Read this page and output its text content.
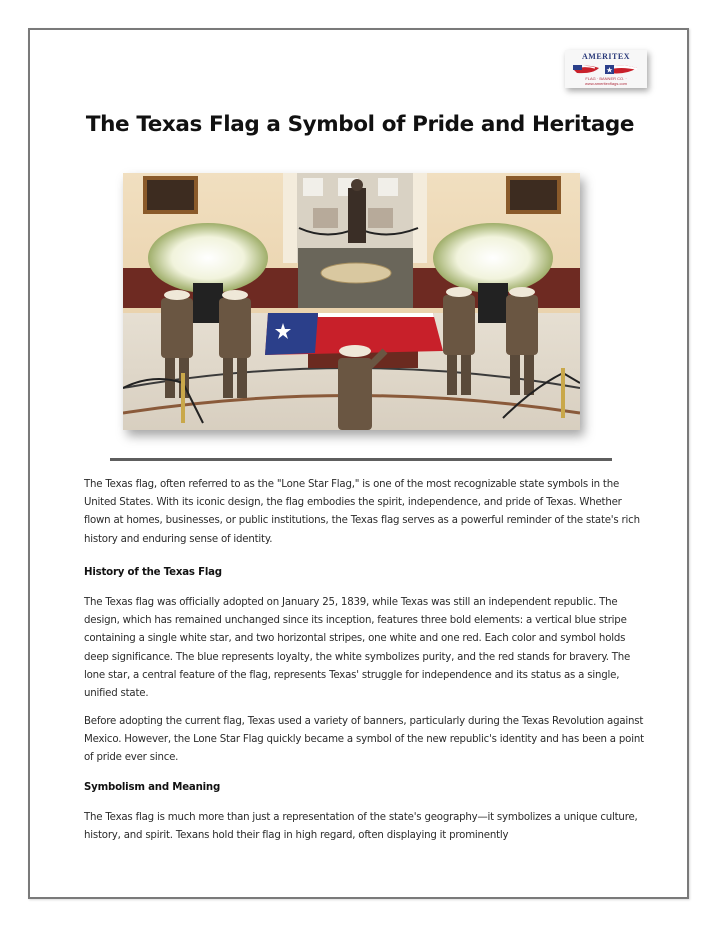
AMERITEX
FLAG · BANNER CO. · www.ameritexflags.com
The Texas Flag a Symbol of Pride and Heritage

The Texas flag, often referred to as the "Lone Star Flag," is one of the most recognizable state symbols in the United States. With its iconic design, the flag embodies the spirit, independence, and pride of Texas. Whether flown at homes, businesses, or public institutions, the Texas flag serves as a powerful reminder of the state's rich history and enduring sense of identity.

History of the Texas Flag

The Texas flag was officially adopted on January 25, 1839, while Texas was still an independent republic. The design, which has remained unchanged since its inception, features three bold elements: a vertical blue stripe containing a single white star, and two horizontal stripes, one white and one red. Each color and symbol holds deep significance. The blue represents loyalty, the white symbolizes purity, and the red stands for bravery. The lone star, a central feature of the flag, represents Texas' struggle for independence and its status as a single, unified state.

Before adopting the current flag, Texas used a variety of banners, particularly during the Texas Revolution against Mexico. However, the Lone Star Flag quickly became a symbol of the new republic's identity and has been a point of pride ever since.

Symbolism and Meaning

The Texas flag is much more than just a representation of the state's geography—it symbolizes a unique culture, history, and spirit. Texans hold their flag in high regard, often displaying it prominently
